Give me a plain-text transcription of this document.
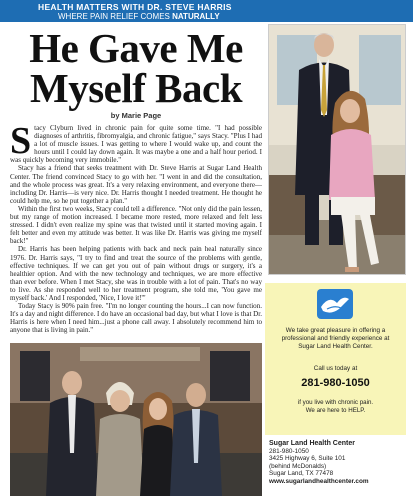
HEALTH MATTERS WITH DR. STEVE HARRIS
WHERE PAIN RELIEF COMES NATURALLY
He Gave Me
Myself Back
by Marie Page

Stacy Clyburn lived in chronic pain for quite some time. "I had possible diagnoses of arthritis, fibromyalgia, and chronic fatigue," says Stacy. "Plus I had a lot of muscle issues. I was getting to where I would wake up, and count the hours until I could lay down again. It was maybe a one and a half hour period. I was quickly becoming very immobile."

Stacy has a friend that seeks treatment with Dr. Steve Harris at Sugar Land Health Center. The friend convinced Stacy to go with her. "I went in and did the consultation, and the whole process was great. It's a very relaxing environment, and everyone there—including Dr. Harris—is very nice. Dr. Harris thought I needed treatment. He thought he could help me, so he put together a plan."

Within the first two weeks, Stacy could tell a difference. "Not only did the pain lessen, but my range of motion increased. I became more rested, more relaxed and felt less stressed. I didn't even realize my spine was that twisted until it started moving again. I felt better and even my attitude was better. It was like Dr. Harris was giving me myself back!"

Dr. Harris has been helping patients with back and neck pain heal naturally since 1976. Dr. Harris says, "I try to find and treat the source of the problems with gentle, effective techniques. If we can get you out of pain without drugs or surgery, it's a healthier option. And with the new technology and techniques, we are more effective than ever before. When I met Stacy, she was in trouble with a lot of pain. That's no way to live. As she responded well to her treatment program, she told me, 'You gave me myself back.' And I responded, 'Nice, I love it!'"

Today Stacy is 90% pain free. "I'm no longer counting the hours...I can now function. It's a day and night difference. I do have an occasional bad day, but what I love is that Dr. Harris is here when I need him...just a phone call away. I absolutely recommend him to anyone that is living in pain."	We take great pleasure in offering a
professional and friendly experience at
Sugar Land Health Center.
Call us today at
281-980-1050
if you live with chronic pain.
We are here to HELP.
Sugar Land Health Center
281-980-1050
3425 Highway 6, Suite 101
(behind McDonalds)
Sugar Land, TX 77478
www.sugarlandhealthcenter.com
